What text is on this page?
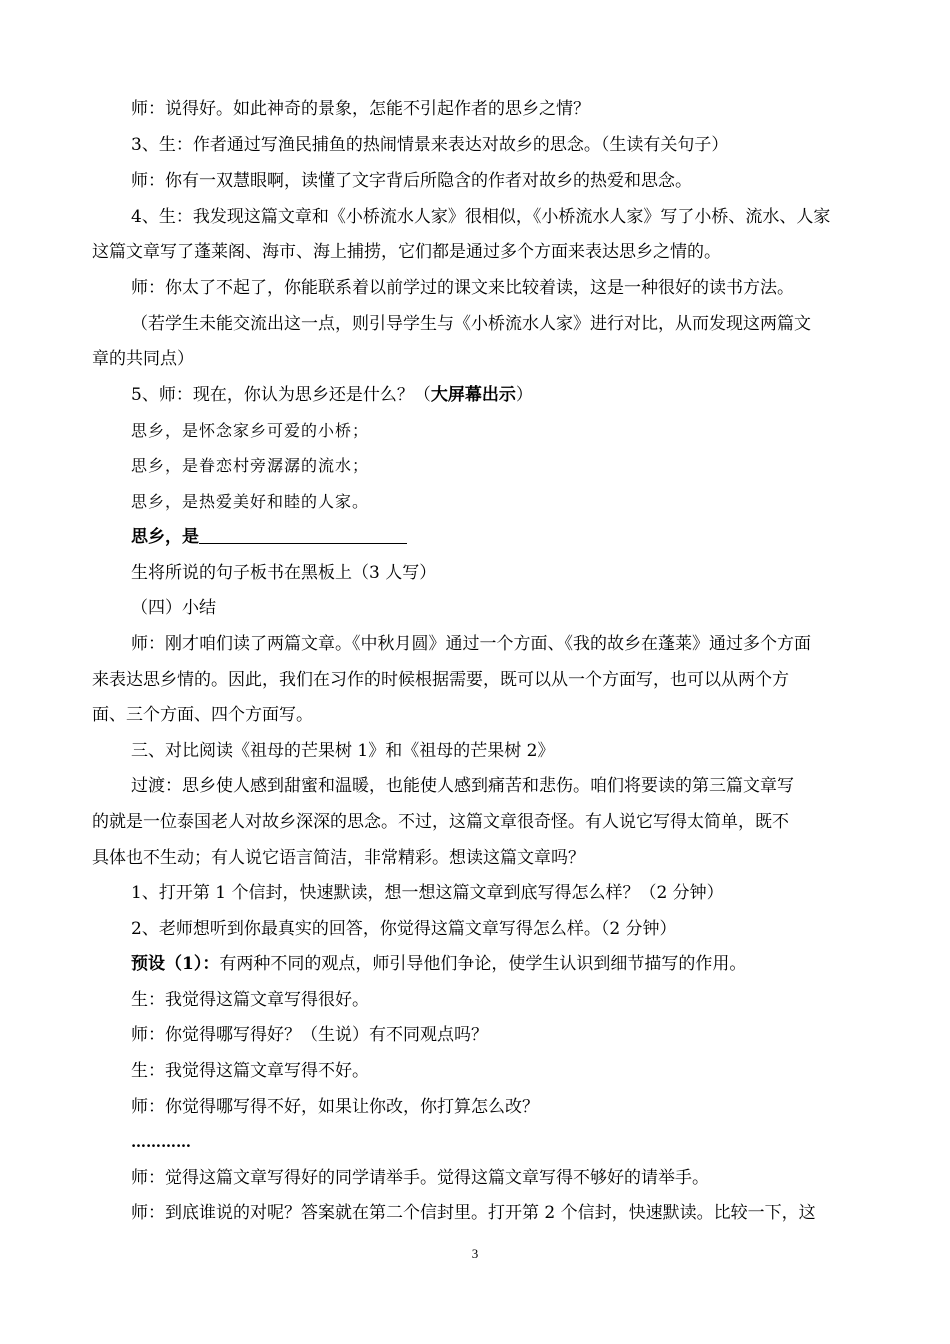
师：说得好。如此神奇的景象，怎能不引起作者的思乡之情？
3、生：作者通过写渔民捕鱼的热闹情景来表达对故乡的思念。（生读有关句子）
师：你有一双慧眼啊，读懂了文字背后所隐含的作者对故乡的热爱和思念。
4、生：我发现这篇文章和《小桥流水人家》很相似，《小桥流水人家》写了小桥、流水、人家
这篇文章写了蓬莱阁、海市、海上捕捞，它们都是通过多个方面来表达思乡之情的。
师：你太了不起了，你能联系着以前学过的课文来比较着读，这是一种很好的读书方法。
（若学生未能交流出这一点，则引导学生与《小桥流水人家》进行对比，从而发现这两篇文
章的共同点）
5、师：现在，你认为思乡还是什么？（大屏幕出示）
思乡，是怀念家乡可爱的小桥；
思乡，是眷恋村旁潺潺的流水；
思乡，是热爱美好和睦的人家。
思乡，是
生将所说的句子板书在黑板上（3 人写）
（四）小结
师：刚才咱们读了两篇文章。《中秋月圆》通过一个方面、《我的故乡在蓬莱》通过多个方面
来表达思乡情的。因此，我们在习作的时候根据需要，既可以从一个方面写，也可以从两个方
面、三个方面、四个方面写。
三、对比阅读《祖母的芒果树 1》和《祖母的芒果树 2》
过渡：思乡使人感到甜蜜和温暖，也能使人感到痛苦和悲伤。咱们将要读的第三篇文章写
的就是一位泰国老人对故乡深深的思念。不过，这篇文章很奇怪。有人说它写得太简单，既不
具体也不生动；有人说它语言简洁，非常精彩。想读这篇文章吗？
1、打开第 1 个信封，快速默读，想一想这篇文章到底写得怎么样？（2 分钟）
2、老师想听到你最真实的回答，你觉得这篇文章写得怎么样。（2 分钟）
预设（1）：有两种不同的观点，师引导他们争论，使学生认识到细节描写的作用。
生：我觉得这篇文章写得很好。
师：你觉得哪写得好？（生说）有不同观点吗？
生：我觉得这篇文章写得不好。
师：你觉得哪写得不好，如果让你改，你打算怎么改？
…………
师：觉得这篇文章写得好的同学请举手。觉得这篇文章写得不够好的请举手。
师：到底谁说的对呢？答案就在第二个信封里。打开第 2 个信封，快速默读。比较一下，这
3
